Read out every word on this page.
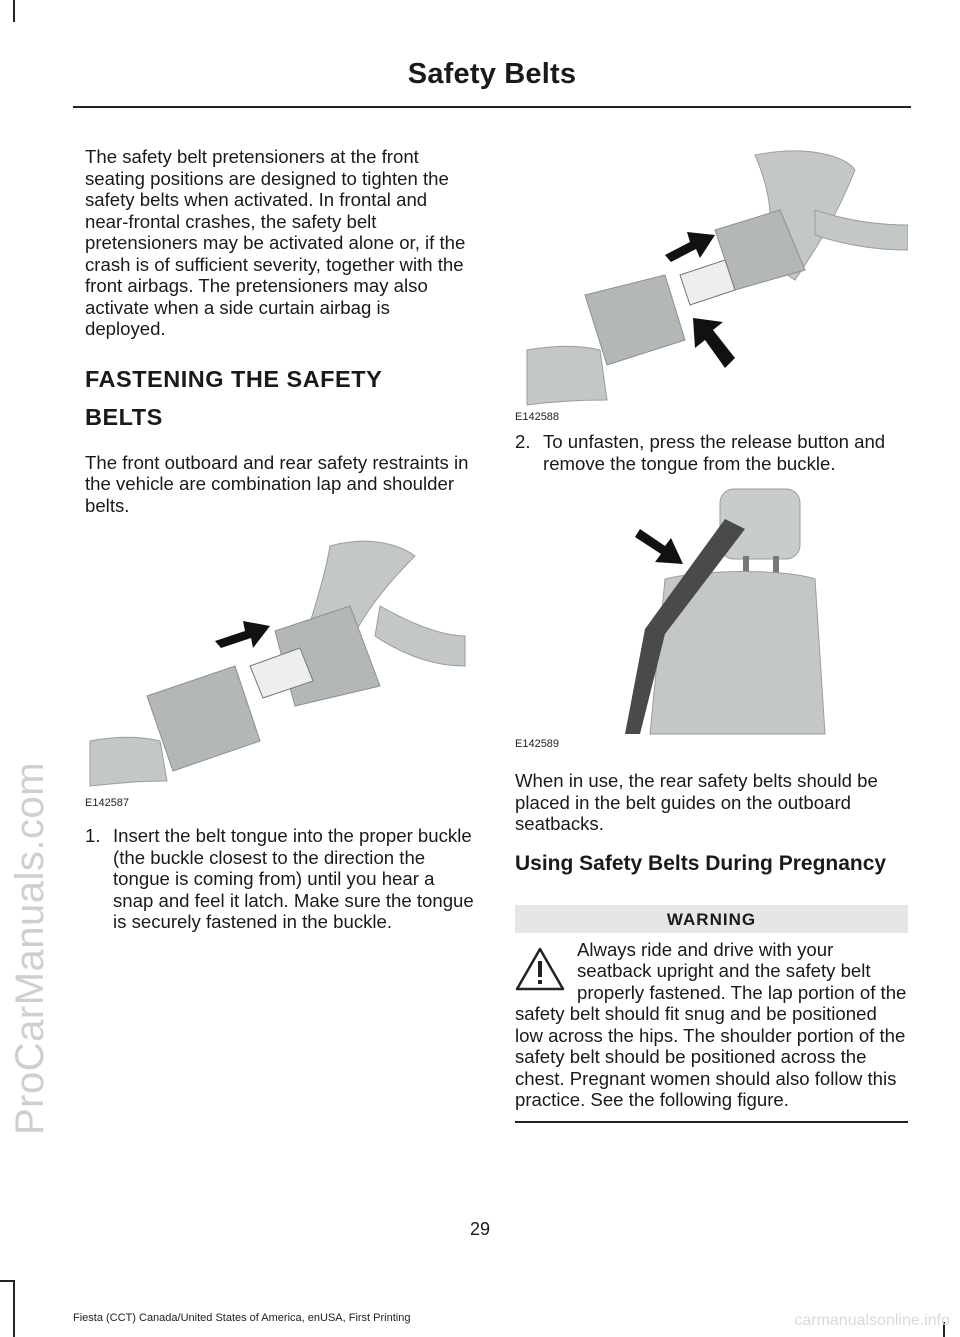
Safety Belts
ProCarManuals.com

The safety belt pretensioners at the front seating positions are designed to tighten the safety belts when activated. In frontal and near-frontal crashes, the safety belt pretensioners may be activated alone or, if the crash is of sufficient severity, together with the front airbags. The pretensioners may also activate when a side curtain airbag is deployed.

FASTENING THE SAFETY
BELTS

The front outboard and rear safety restraints in the vehicle are combination lap and shoulder belts.

E142587
1. Insert the belt tongue into the proper buckle (the buckle closest to the direction the tongue is coming from) until you hear a snap and feel it latch. Make sure the tongue is securely fastened in the buckle.
E142588
2. To unfasten, press the release button and remove the tongue from the buckle.
E142589

When in use, the rear safety belts should be placed in the belt guides on the outboard seatbacks.

Using Safety Belts During Pregnancy
WARNING
Always ride and drive with your seatback upright and the safety belt properly fastened. The lap portion of the safety belt should fit snug and be positioned low across the hips. The shoulder portion of the safety belt should be positioned across the chest. Pregnant women should also follow this practice. See the following figure.
29
Fiesta (CCT) Canada/United States of America, enUSA, First Printing	carmanualsonline.info
